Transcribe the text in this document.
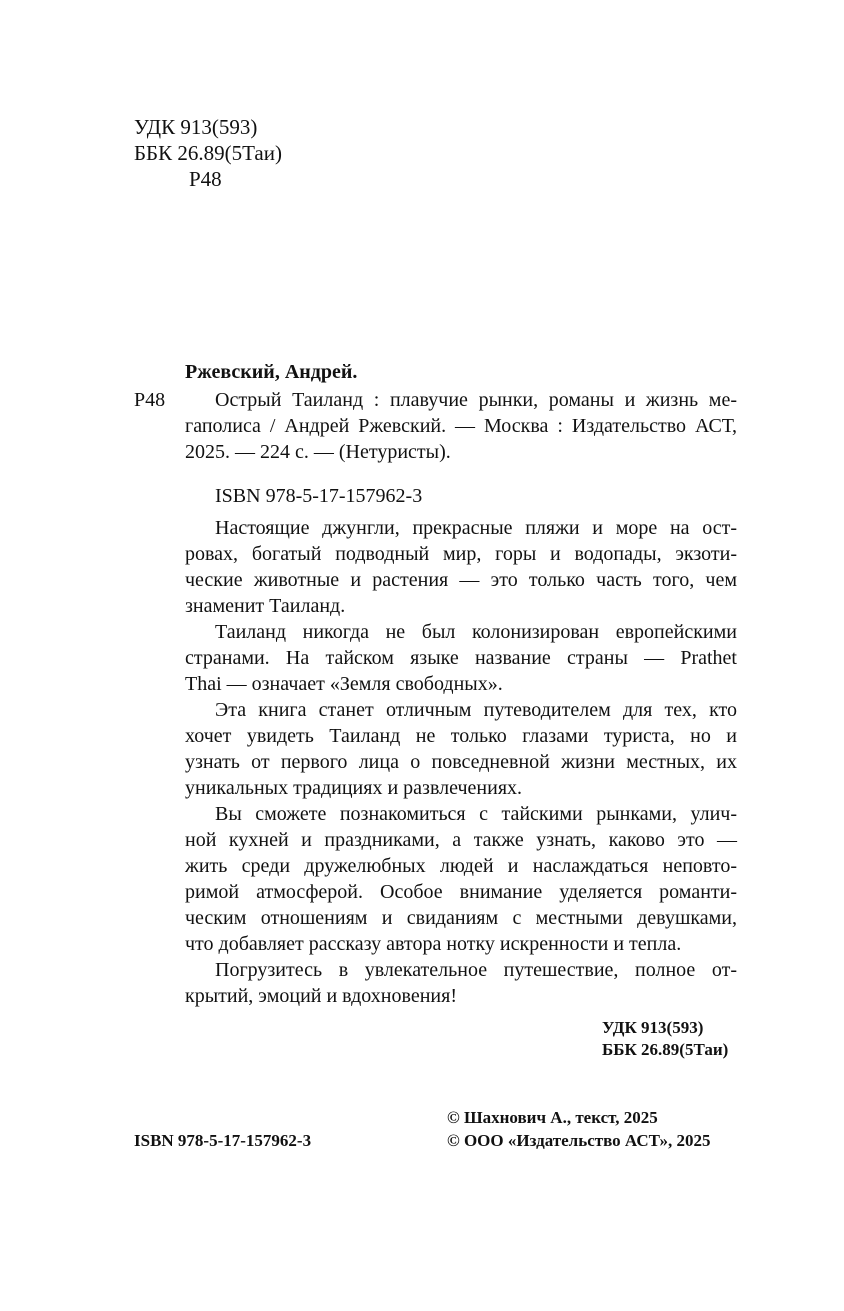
УДК 913(593)
ББК 26.89(5Таи)
Р48
Ржевский, Андрей.
Р48 Острый Таиланд : плавучие рынки, романы и жизнь ме-
гаполиса / Андрей Ржевский. — Москва : Издательство АСТ,
2025. — 224 с. — (Нетуристы).
ISBN 978-5-17-157962-3
Настоящие джунгли, прекрасные пляжи и море на ост-
ровах, богатый подводный мир, горы и водопады, экзоти-
ческие животные и растения — это только часть того, чем
знаменит Таиланд.
Таиланд никогда не был колонизирован европейскими
странами. На тайском языке название страны — Prathet
Thai — означает «Земля свободных».
Эта книга станет отличным путеводителем для тех, кто
хочет увидеть Таиланд не только глазами туриста, но и
узнать от первого лица о повседневной жизни местных, их
уникальных традициях и развлечениях.
Вы сможете познакомиться с тайскими рынками, улич-
ной кухней и праздниками, а также узнать, каково это —
жить среди дружелюбных людей и наслаждаться неповто-
римой атмосферой. Особое внимание уделяется романти-
ческим отношениям и свиданиям с местными девушками,
что добавляет рассказу автора нотку искренности и тепла.
Погрузитесь в увлекательное путешествие, полное от-
крытий, эмоций и вдохновения!
УДК 913(593)
ББК 26.89(5Таи)
© Шахнович А., текст, 2025
ISBN 978-5-17-157962-3	© ООО «Издательство АСТ», 2025
